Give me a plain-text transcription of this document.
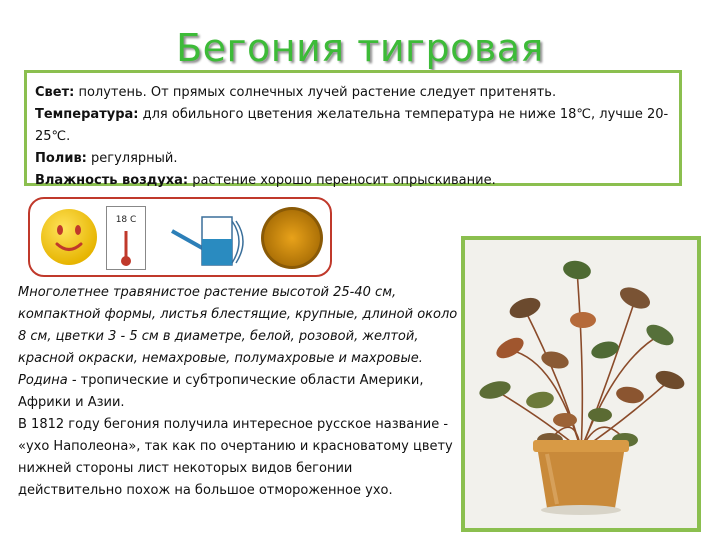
Бегония тигровая

Свет: полутень. От прямых солнечных лучей растение следует притенять.

Температура: для обильного цветения желательна температура не ниже 18℃, лучше 20-25℃.

Полив: регулярный.

Влажность воздуха: растение хорошо переносит опрыскивание.

18 С

Многолетнее травянистое растение выcотой 25-40 см, компактной формы, листья блестящие, крупные, длиной около 8 см, цветки 3 - 5 см в диаметре, белой, розовой, желтой, красной окраски, немахровые, полумахровые и махровые. Родина - тропические и субтропические области Америки, Африки и Азии.

В 1812 году бегония получила интересное русское название - «ухо Наполеона», так как по очертанию и красноватому цвету нижней стороны лист некоторых видов бегонии действительно похож на большое отмороженное ухо.
